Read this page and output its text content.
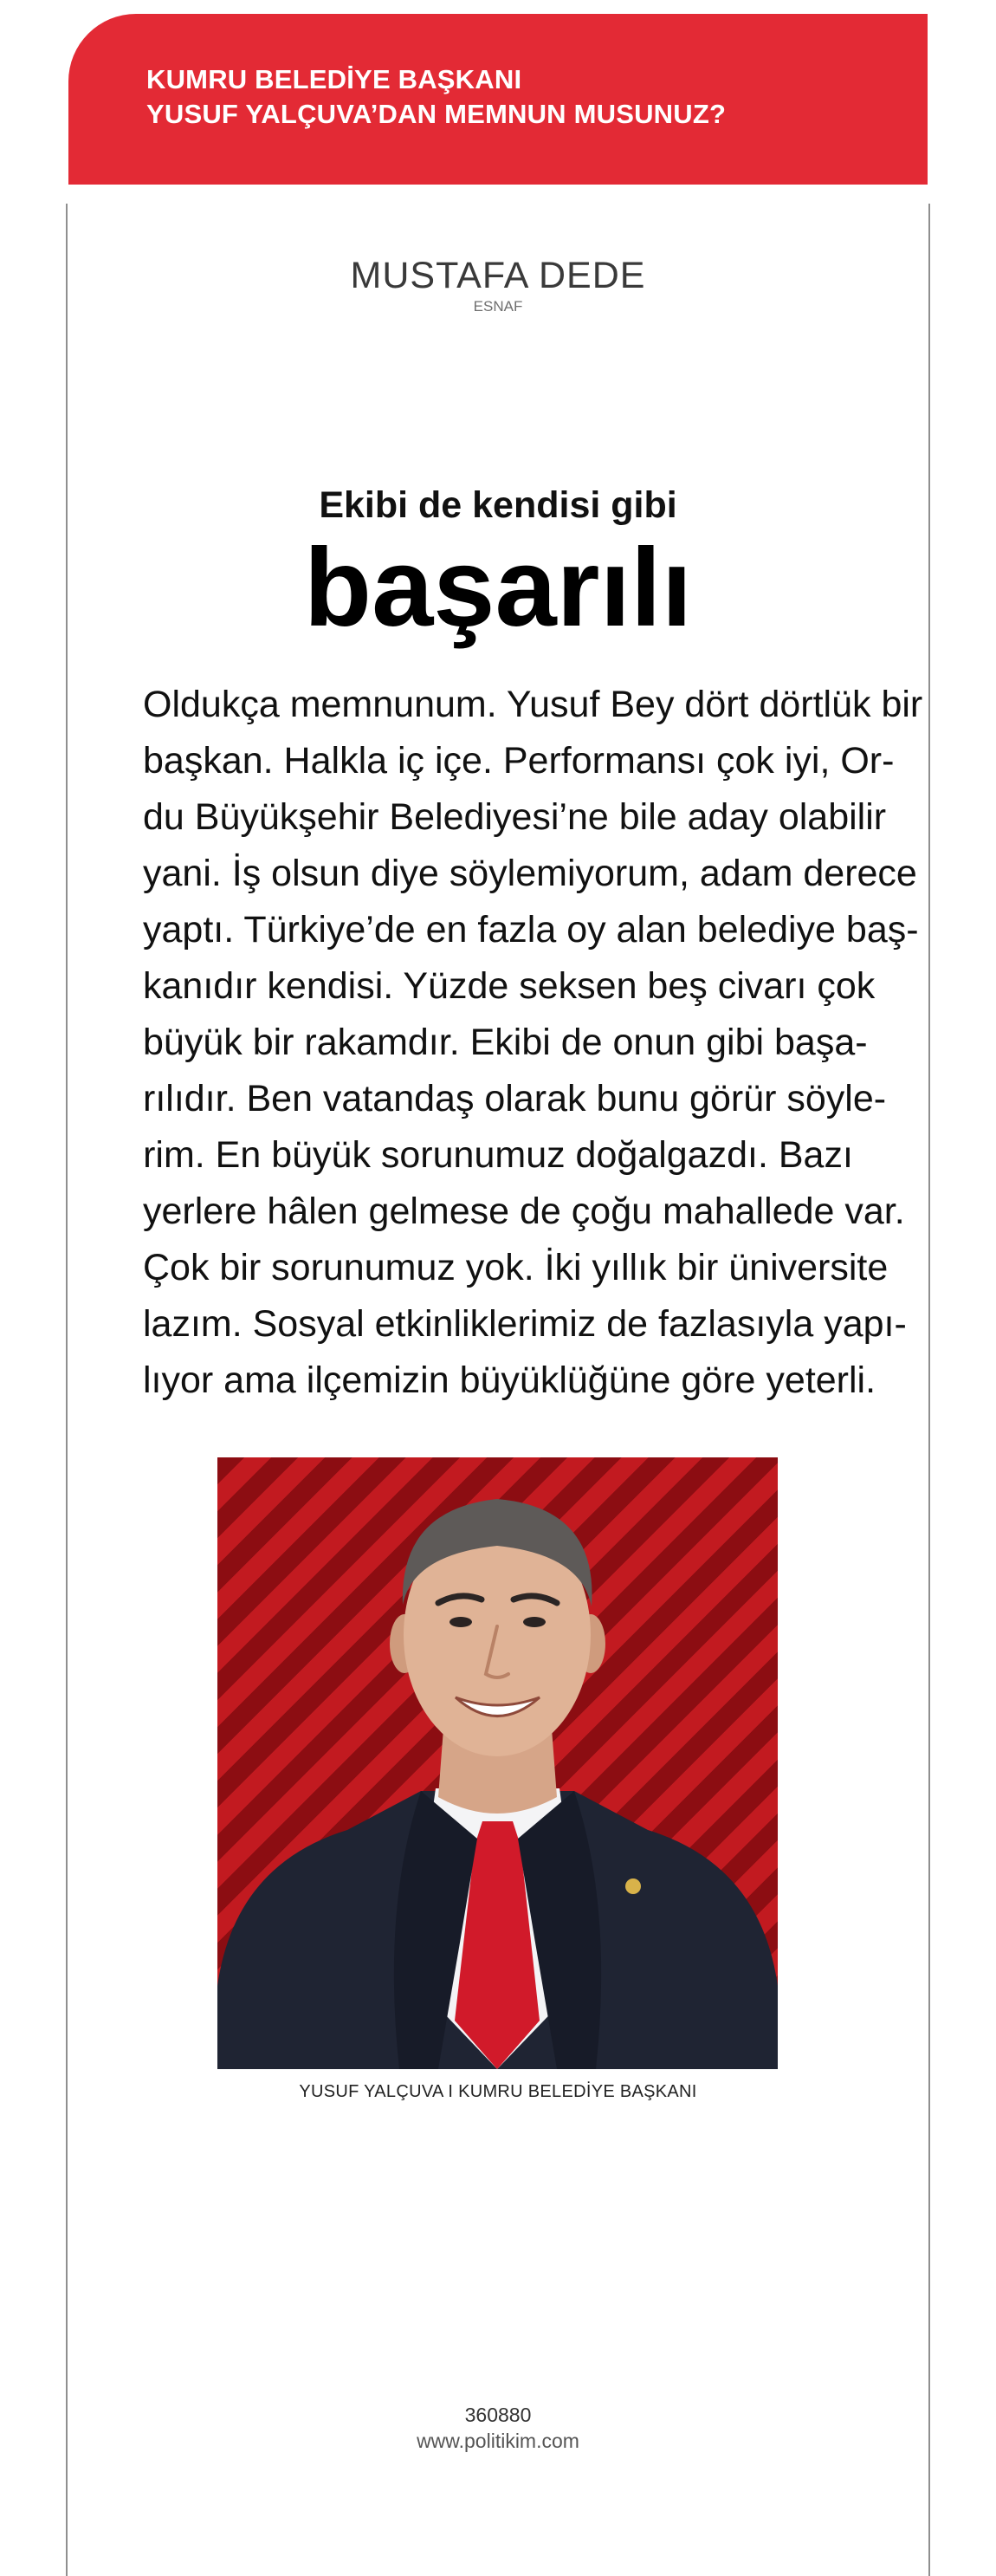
KUMRU BELEDİYE BAŞKANI
YUSUF YALÇUVA’DAN MEMNUN MUSUNUZ?
MUSTAFA DEDE
ESNAF
Ekibi de kendisi gibi
başarılı
Oldukça memnunum. Yusuf Bey dört dörtlük bir
başkan. Halkla iç içe. Performansı çok iyi, Or-
du Büyükşehir Belediyesi’ne bile aday olabilir
yani. İş olsun diye söylemiyorum, adam derece
yaptı. Türkiye’de en fazla oy alan belediye baş-
kanıdır kendisi. Yüzde seksen beş civarı çok
büyük bir rakamdır. Ekibi de onun gibi başa-
rılıdır. Ben vatandaş olarak bunu görür söyle-
rim. En büyük sorunumuz doğalgazdı. Bazı
yerlere hâlen gelmese de çoğu mahallede var.
Çok bir sorunumuz yok. İki yıllık bir üniversite
lazım. Sosyal etkinliklerimiz de fazlasıyla yapı-
lıyor ama ilçemizin büyüklüğüne göre yeterli.
YUSUF YALÇUVA I KUMRU BELEDİYE BAŞKANI
360880
www.politikim.com
